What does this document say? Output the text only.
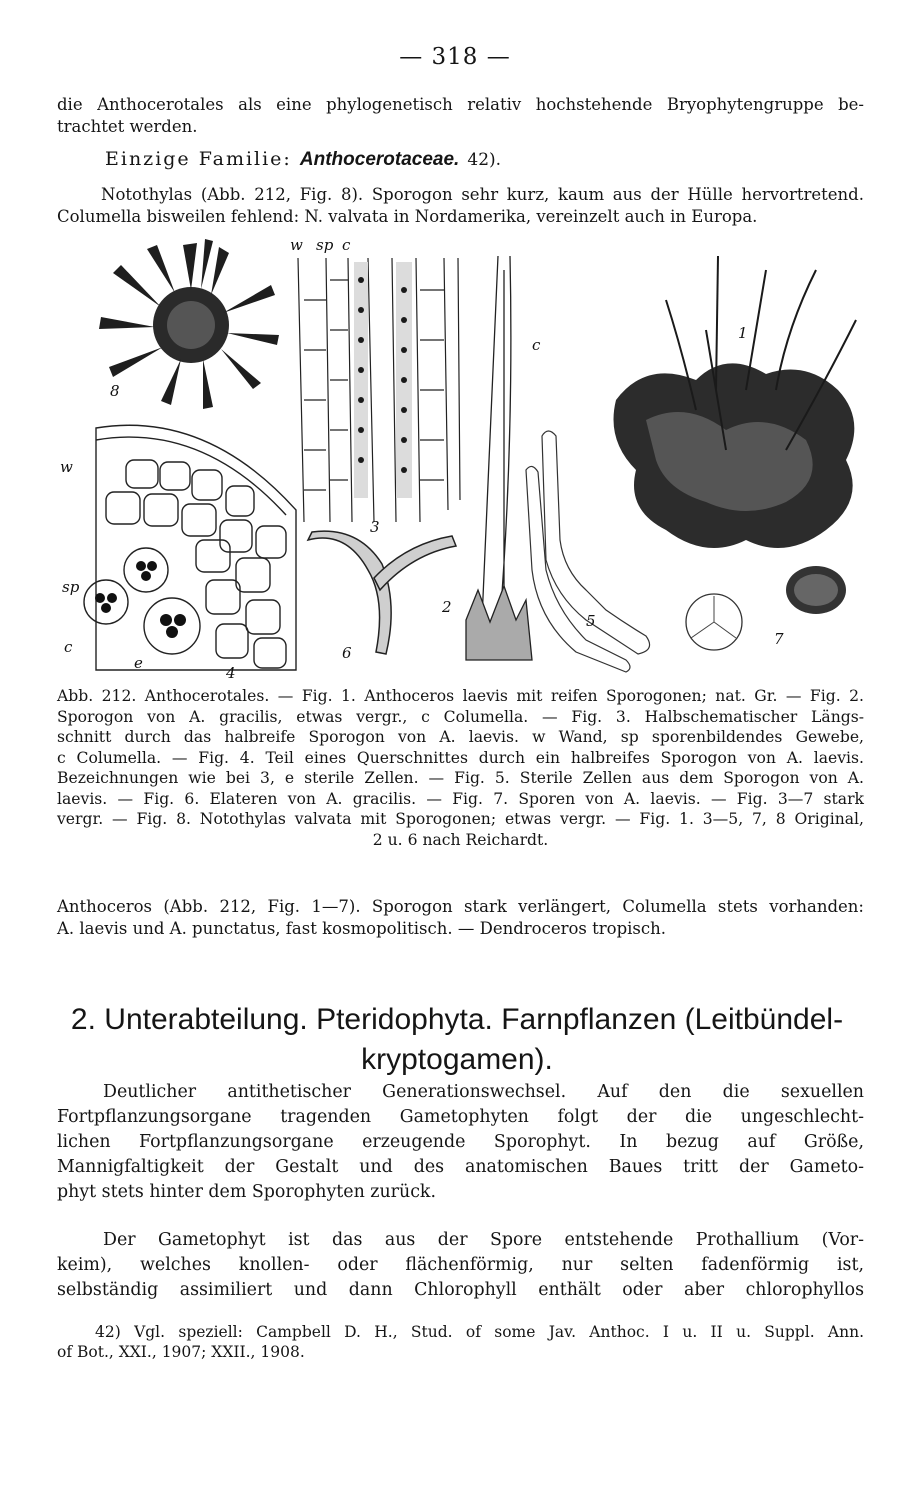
— 318 —
die Anthocerotales als eine phylogenetisch relativ hochstehende Bryophytengruppe be-
trachtet werden.
Einzige Familie: Anthocerotaceae. 42).
Notothylas (Abb. 212, Fig. 8). Sporogon sehr kurz, kaum aus der Hülle hervortretend.
Columella bisweilen fehlend: N. valvata in Nordamerika, vereinzelt auch in Europa.
8
w
sp
c
e
4
w sp c
3
6
c
2
5
1
7
Abb. 212. Anthocerotales. — Fig. 1. Anthoceros laevis mit reifen Sporogonen; nat. Gr. — Fig. 2.
Sporogon von A. gracilis, etwas vergr., c Columella. — Fig. 3. Halbschematischer Längs-
schnitt durch das halbreife Sporogon von A. laevis. w Wand, sp sporenbildendes Gewebe,
c Columella. — Fig. 4. Teil eines Querschnittes durch ein halbreifes Sporogon von A. laevis.
Bezeichnungen wie bei 3, e sterile Zellen. — Fig. 5. Sterile Zellen aus dem Sporogon von A.
laevis. — Fig. 6. Elateren von A. gracilis. — Fig. 7. Sporen von A. laevis. — Fig. 3—7 stark
vergr. — Fig. 8. Notothylas valvata mit Sporogonen; etwas vergr. — Fig. 1. 3—5, 7, 8 Original,
2 u. 6 nach Reichardt.
Anthoceros (Abb. 212, Fig. 1—7). Sporogon stark verlängert, Columella stets vorhanden:
A. laevis und A. punctatus, fast kosmopolitisch. — Dendroceros tropisch.
2. Unterabteilung. Pteridophyta. Farnpflanzen (Leitbündel-
kryptogamen).
Deutlicher antithetischer Generationswechsel. Auf den die sexuellen
Fortpflanzungsorgane tragenden Gametophyten folgt der die ungeschlecht-
lichen Fortpflanzungsorgane erzeugende Sporophyt. In bezug auf Größe,
Mannigfaltigkeit der Gestalt und des anatomischen Baues tritt der Gameto-
phyt stets hinter dem Sporophyten zurück.
Der Gametophyt ist das aus der Spore entstehende Prothallium (Vor-
keim), welches knollen- oder flächenförmig, nur selten fadenförmig ist,
selbständig assimiliert und dann Chlorophyll enthält oder aber chlorophyllos
42) Vgl. speziell: Campbell D. H., Stud. of some Jav. Anthoc. I u. II u. Suppl. Ann.
of Bot., XXI., 1907; XXII., 1908.
